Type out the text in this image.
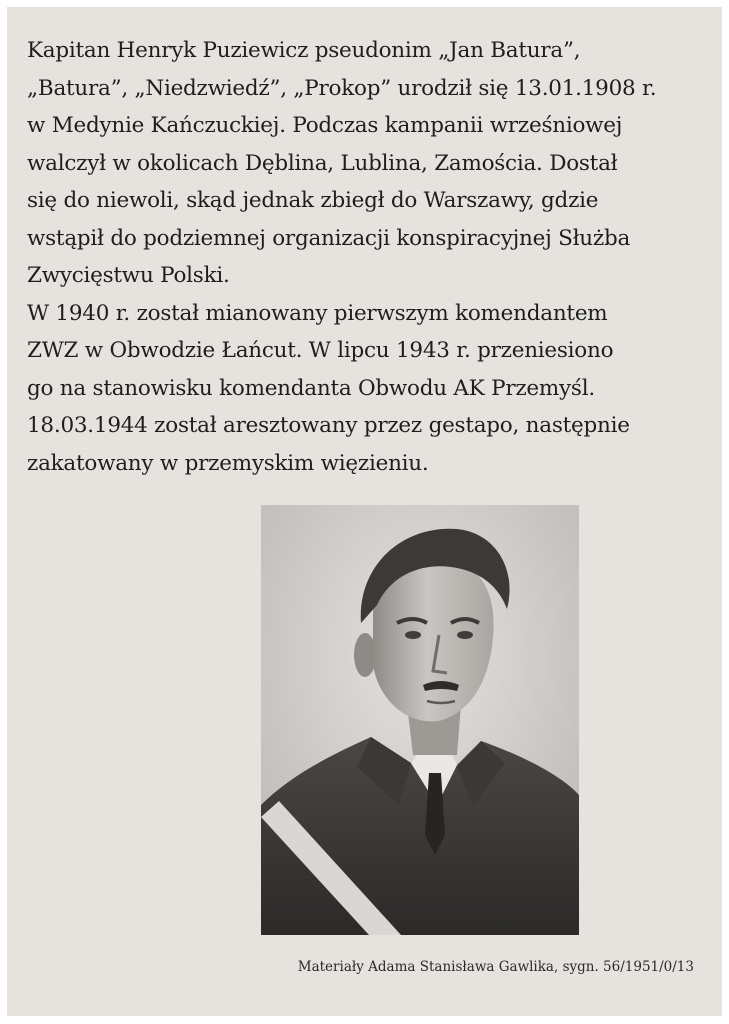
Kapitan Henryk Puziewicz pseudonim „Jan Batura”,
„Batura”, „Niedzwiedź”, „Prokop” urodził się 13.01.1908 r.
w Medynie Kańczuckiej. Podczas kampanii wrześniowej
walczył w okolicach Dęblina, Lublina, Zamościa. Dostał
się do niewoli, skąd jednak zbiegł do Warszawy, gdzie
wstąpił do podziemnej organizacji konspiracyjnej Służba
Zwycięstwu Polski.
W 1940 r. został mianowany pierwszym komendantem
ZWZ w Obwodzie Łańcut. W lipcu 1943 r. przeniesiono
go na stanowisku komendanta Obwodu AK Przemyśl.
18.03.1944 został aresztowany przez gestapo, następnie
zakatowany w przemyskim więzieniu.

Materiały Adama Stanisława Gawlika, sygn. 56/1951/0/13
